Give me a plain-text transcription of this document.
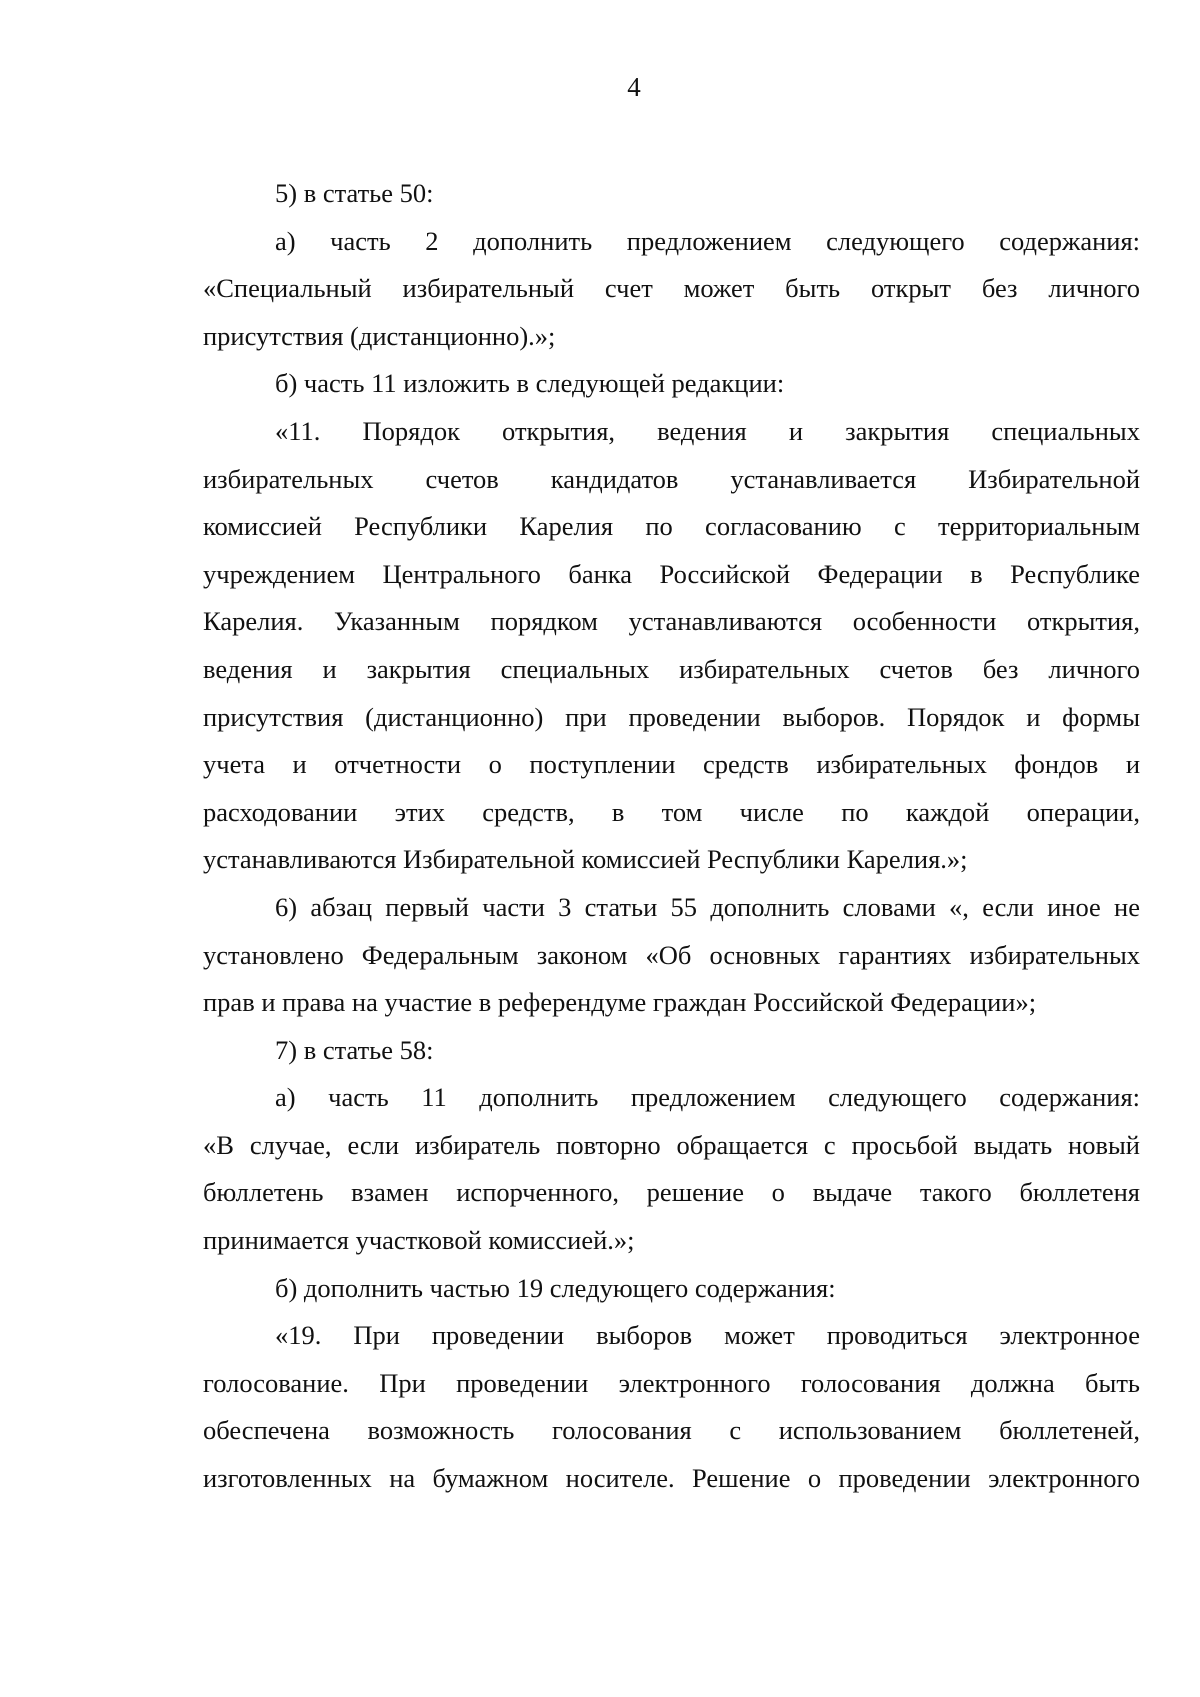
4
5) в статье 50:
а) часть 2 дополнить предложением следующего содержания:
«Специальный избирательный счет может быть открыт без личного
присутствия (дистанционно).»;
б) часть 11 изложить в следующей редакции:
«11. Порядок открытия, ведения и закрытия специальных
избирательных счетов кандидатов устанавливается Избирательной
комиссией Республики Карелия по согласованию с территориальным
учреждением Центрального банка Российской Федерации в Республике
Карелия. Указанным порядком устанавливаются особенности открытия,
ведения и закрытия специальных избирательных счетов без личного
присутствия (дистанционно) при проведении выборов. Порядок и формы
учета и отчетности о поступлении средств избирательных фондов и
расходовании этих средств, в том числе по каждой операции,
устанавливаются Избирательной комиссией Республики Карелия.»;
6) абзац первый части 3 статьи 55 дополнить словами «, если иное не
установлено Федеральным законом «Об основных гарантиях избирательных
прав и права на участие в референдуме граждан Российской Федерации»;
7) в статье 58:
а) часть 11 дополнить предложением следующего содержания:
«В случае, если избиратель повторно обращается с просьбой выдать новый
бюллетень взамен испорченного, решение о выдаче такого бюллетеня
принимается участковой комиссией.»;
б) дополнить частью 19 следующего содержания:
«19. При проведении выборов может проводиться электронное
голосование. При проведении электронного голосования должна быть
обеспечена возможность голосования с использованием бюллетеней,
изготовленных на бумажном носителе. Решение о проведении электронного
